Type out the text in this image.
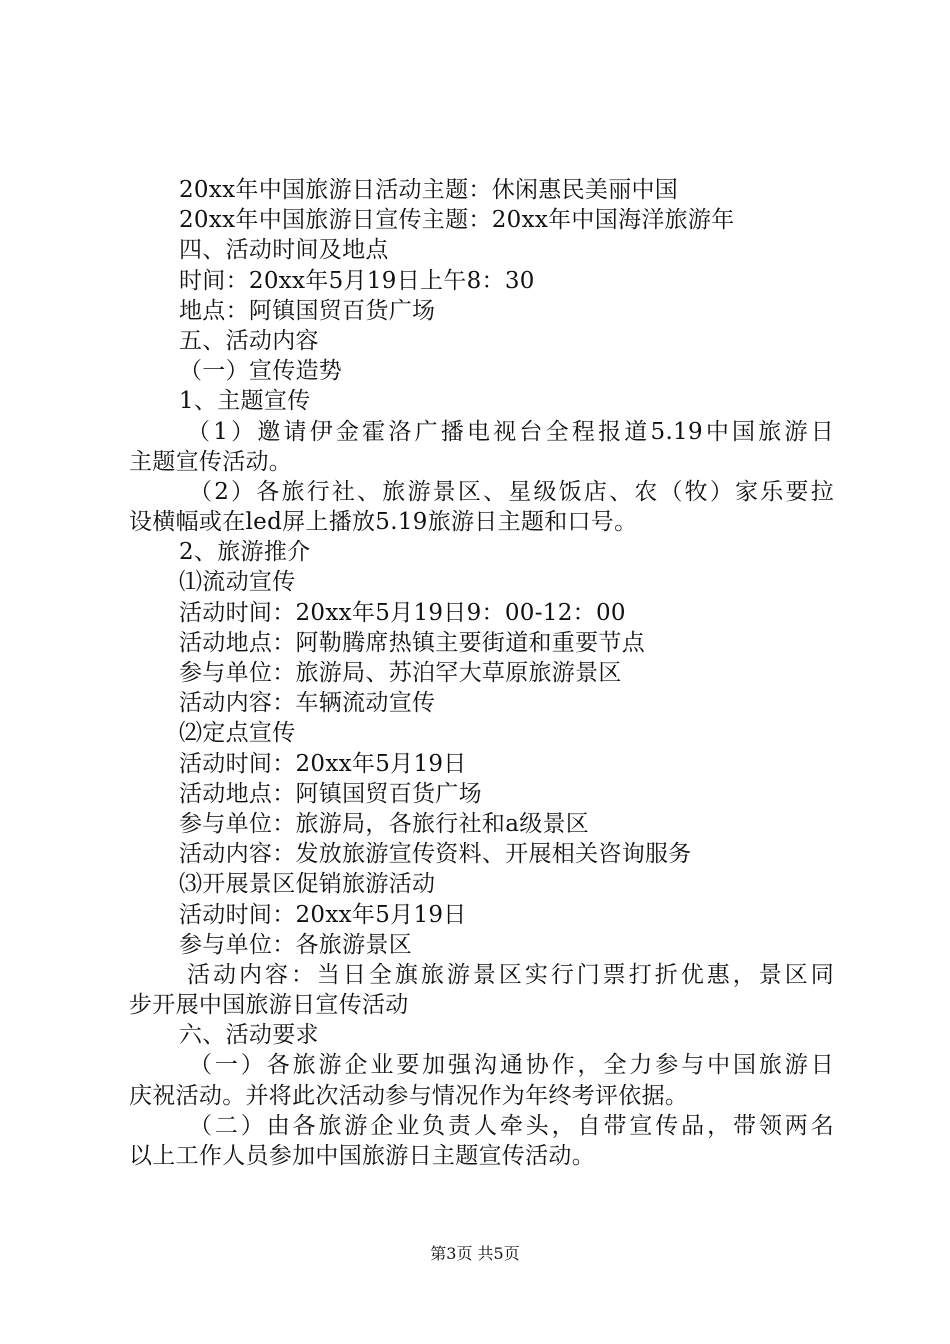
20xx年中国旅游日活动主题：休闲惠民美丽中国
20xx年中国旅游日宣传主题：20xx年中国海洋旅游年
四、活动时间及地点
时间：20xx年5月19日上午8：30
地点：阿镇国贸百货广场
五、活动内容
（一）宣传造势
1、主题宣传
（1）邀请伊金霍洛广播电视台全程报道5.19中国旅游日
主题宣传活动。
（2）各旅行社、旅游景区、星级饭店、农（牧）家乐要拉
设横幅或在led屏上播放5.19旅游日主题和口号。
2、旅游推介
⑴流动宣传
活动时间：20xx年5月19日9：00-12：00
活动地点：阿勒腾席热镇主要街道和重要节点
参与单位：旅游局、苏泊罕大草原旅游景区
活动内容：车辆流动宣传
⑵定点宣传
活动时间：20xx年5月19日
活动地点：阿镇国贸百货广场
参与单位：旅游局，各旅行社和a级景区
活动内容：发放旅游宣传资料、开展相关咨询服务
⑶开展景区促销旅游活动
活动时间：20xx年5月19日
参与单位：各旅游景区
活动内容：当日全旗旅游景区实行门票打折优惠，景区同
步开展中国旅游日宣传活动
六、活动要求
（一）各旅游企业要加强沟通协作，全力参与中国旅游日
庆祝活动。并将此次活动参与情况作为年终考评依据。
（二）由各旅游企业负责人牵头，自带宣传品，带领两名
以上工作人员参加中国旅游日主题宣传活动。
第3页 共5页
